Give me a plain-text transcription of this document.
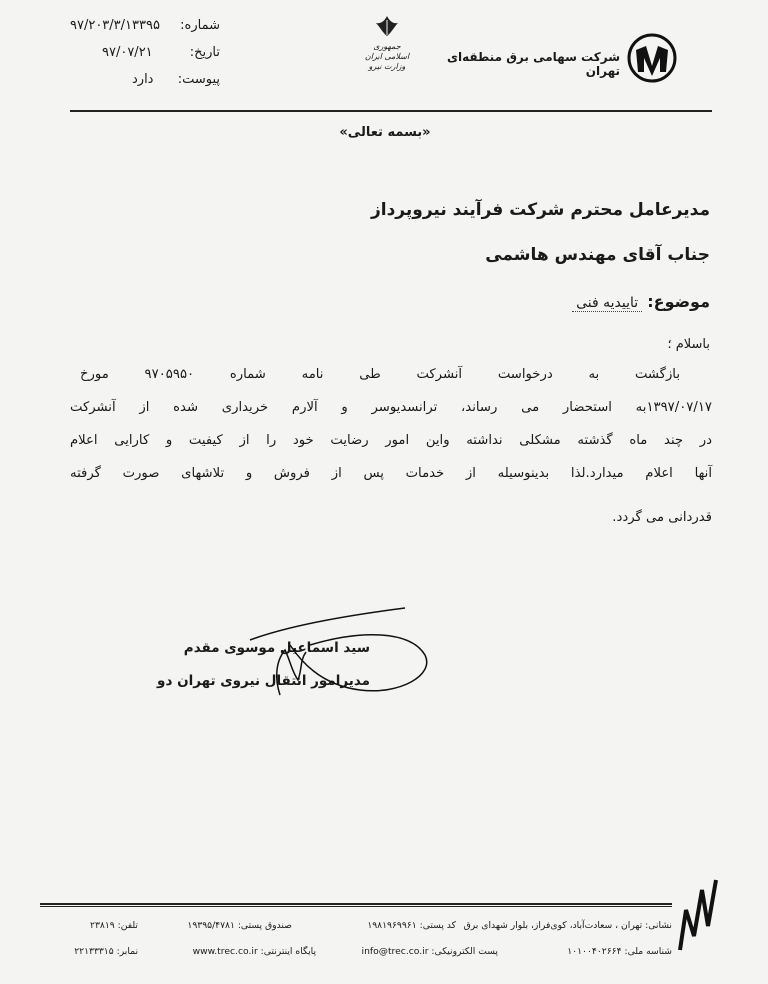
شماره:
۹۷/۲۰۳/۳/۱۳۳۹۵
تاریخ:
۹۷/۰۷/۲۱
پیوست:
دارد
جمهوری اسلامی ایران
وزارت نیرو
شرکت سهامی برق منطقه‌ای تهران
«بسمه تعالی»
مدیرعامل محترم شرکت فرآیند نیروپرداز
جناب آقای مهندس هاشمی
موضوع: تاییدیه فنی
باسلام ؛
بازگشت به درخواست آنشرکت طی نامه شماره ۹۷۰۵۹۵۰ مورخ
۱۳۹۷/۰۷/۱۷به استحضار می رساند، ترانسدیوسر و آلارم خریداری شده از آنشرکت
در چند ماه گذشته مشکلی نداشته واین امور رضایت خود را از کیفیت و کارایی اعلام
آنها اعلام میدارد.لذا بدینوسیله از خدمات پس از فروش و تلاشهای صورت گرفته
قدردانی می گردد.
سید اسماعیل موسوی مقدم
مدیرامور انتقال نیروی تهران دو
نشانی: تهران ، سعادت‌آباد، کوی‌فراز، بلوار شهدای برق
کد پستی: ۱۹۸۱۹۶۹۹۶۱
صندوق پستی: ۱۹۳۹۵/۴۷۸۱
تلفن: ۲۳۸۱۹
شناسه ملی: ۱۰۱۰۰۴۰۲۶۶۴
پست الکترونیکی: info@trec.co.ir
پایگاه اینترنتی: www.trec.co.ir
نمابر: ۲۲۱۳۳۳۱۵
